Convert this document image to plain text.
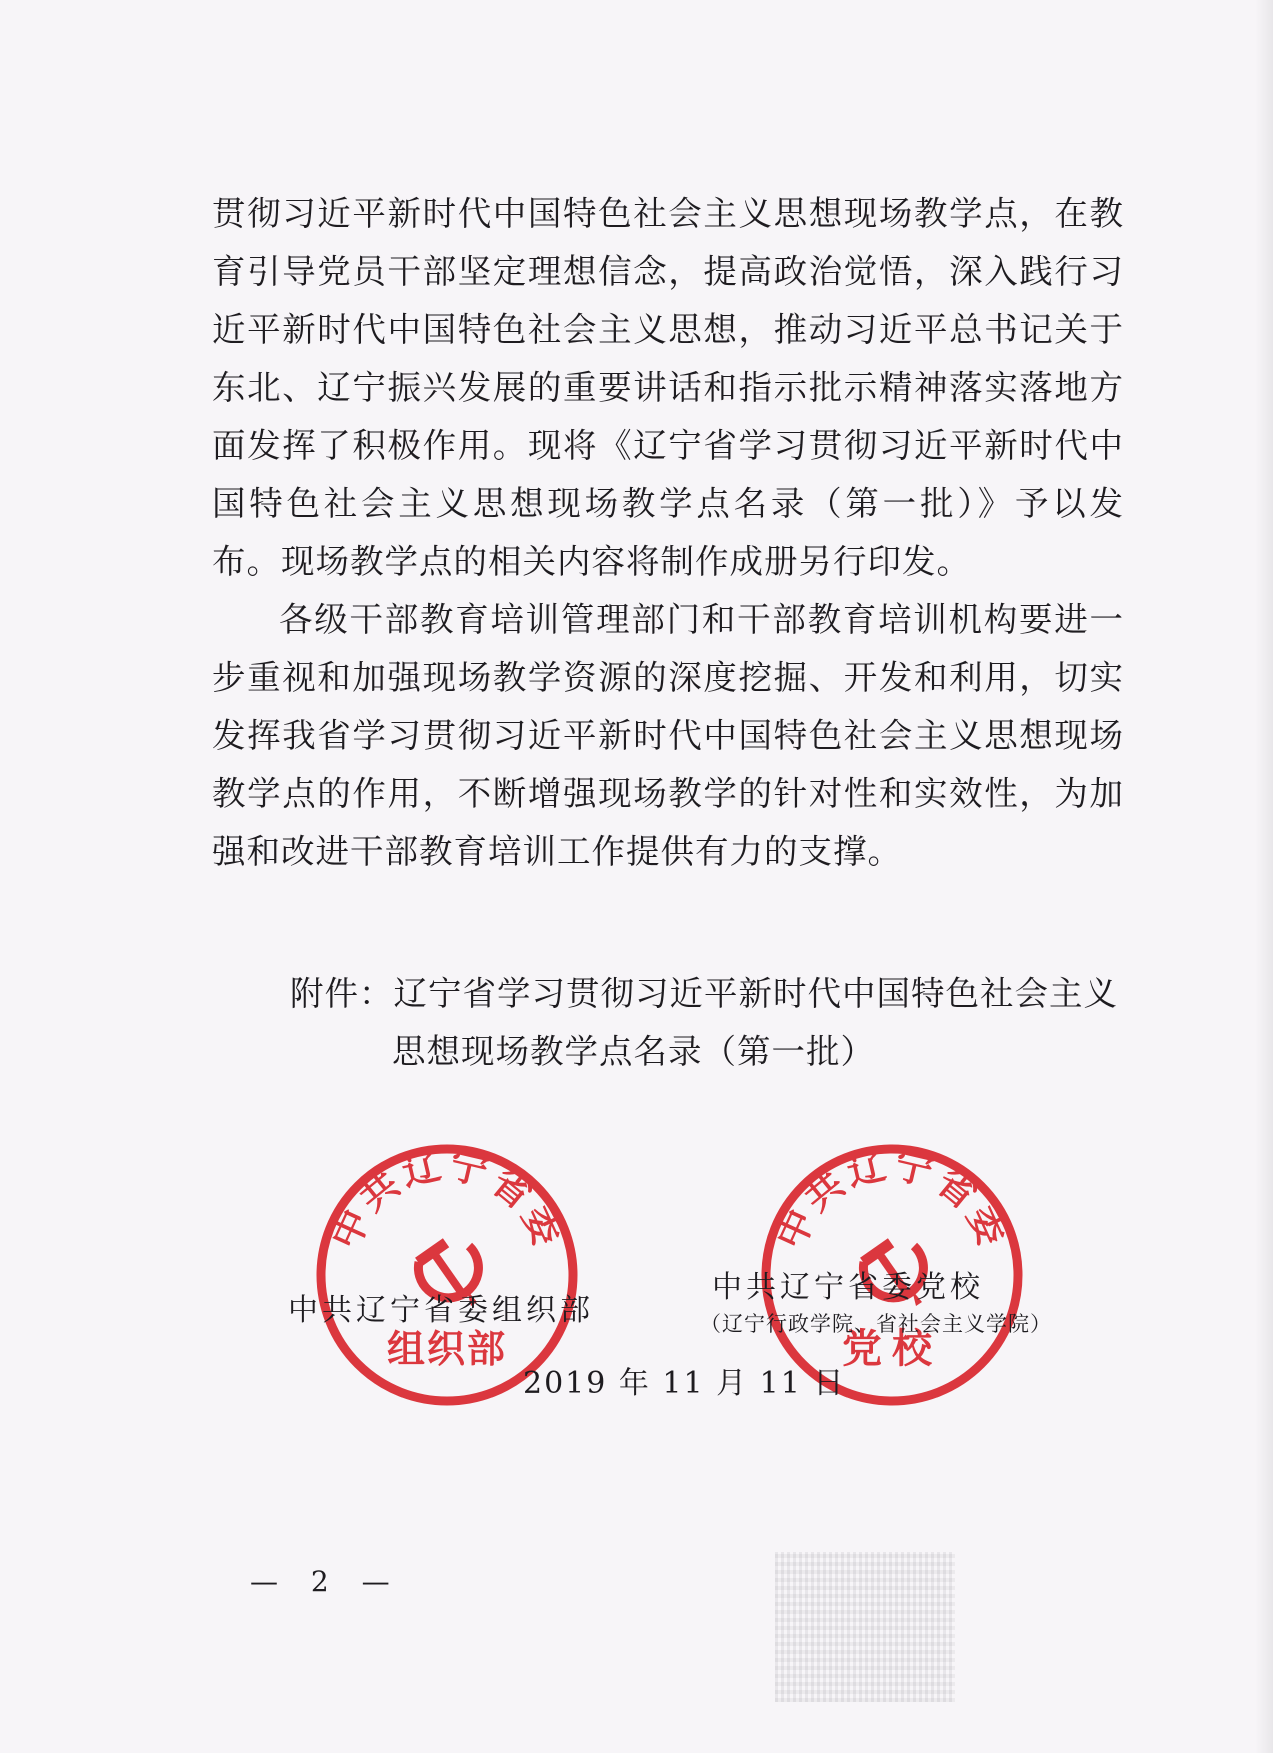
贯彻习近平新时代中国特色社会主义思想现场教学点，在教育引导党员干部坚定理想信念，提高政治觉悟，深入践行习近平新时代中国特色社会主义思想，推动习近平总书记关于东北、辽宁振兴发展的重要讲话和指示批示精神落实落地方面发挥了积极作用。现将《辽宁省学习贯彻习近平新时代中国特色社会主义思想现场教学点名录（第一批）》予以发布。现场教学点的相关内容将制作成册另行印发。

各级干部教育培训管理部门和干部教育培训机构要进一步重视和加强现场教学资源的深度挖掘、开发和利用，切实发挥我省学习贯彻习近平新时代中国特色社会主义思想现场教学点的作用，不断增强现场教学的针对性和实效性，为加强和改进干部教育培训工作提供有力的支撑。

附件：辽宁省学习贯彻习近平新时代中国特色社会主义
思想现场教学点名录（第一批）
中共辽宁省委
组织部
中共辽宁省委
党校
中共辽宁省委组织部
中共辽宁省委党校
（辽宁行政学院、省社会主义学院）
2019 年 11 月 11 日
— 2 —
